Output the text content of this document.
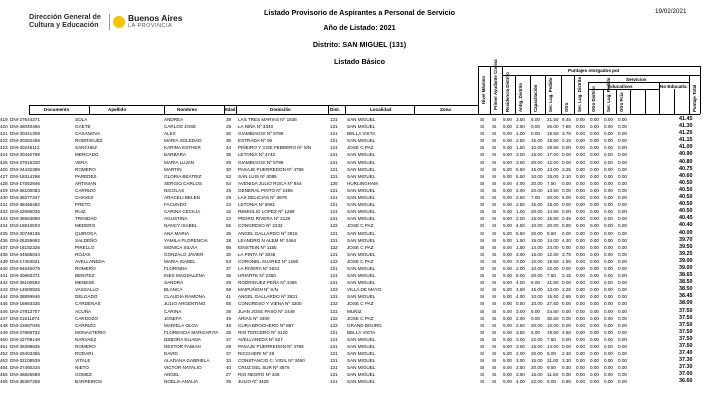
Dirección General de
Cultura y Educación
Buenos Aires
LA PROVINCIA
19/02/2021
Listado Provisorio de Aspirantes a Personal de Servicio
Año de Listado: 2021
Distrito: SAN MIGUEL (131)
Listado Básico
Documento	Apellido	Nombres	Edad	Domicilio	Dist.	Localidad	Zona
Puntajes otorgados por
Servicios
Educativos	No Educativ.
Nivel Máximo Primer Ayudante Cocina Residencia Distrito Antig. Distrito Capacitación Ser. Lug. Pedido	Otro Ser. Lug. Distrito Otro Distrito Ser. Lug. Pedido Otro Pcia	Puntaje Total
419 DNI-27644371	SOLA	ANDREA	39 LAS TRES MARIAS Nº 1636	131 SAN MIGUEL	SI SI 5.00 3.50 5.00 21.50 6.45 0.00 0.00 0.00 0.00	41.45
420 DNI-36040456	GAETE	CARLOS JOSE	25 LA NIÑA Nº 3340	131 SAN MIGUEL	SI SI 5.00 2.50 0.00 26.00 7.80 0.00 0.00 0.00 0.00	41.30
421 DNI-30441309	CASANOVA	ALEX	30 GIAMBIAGGI Nº 5789	131 BELLA VISTA	SI SI 5.00 1.00 0.00 19.50 3.75 0.00 0.00 0.00 0.00	41.25
422 DNI-30362458	RODRIGUEZ	MARIA SOLEDAD	35 ESTRADA Nº 06	131 SAN MIGUEL	SI SI 5.00 2.50 15.00 18.50 0.15 0.00 0.00 0.00 0.00	41.15
423 DNI-30245112	SANCHEZ	KARINA ESTHER	44 PIÑEIRO Y 3 DE FEBRERO Nº S/N	131 JOSE C PAZ	SI SI 5.00 1.50 10.00 28.50 0.00 0.00 0.00 0.00 0.00	41.00
424 DNI-30440758	MERCADO	BARBARA	35 LETONIA Nº 4742	131 SAN MIGUEL	SI SI 5.00 3.00 15.00 17.00 0.00 0.00 0.00 0.00 0.00	40.90
425 DNI-37915320	VERA	MARIA LUJAN	26 GIAMBIAGGI Nº 5789	131 SAN MIGUEL	SI SI 5.00 3.50 20.00 12.00 0.00 0.00 0.00 0.00 0.00	40.80
426 DNI-34432389	ROMERO	MARTIN	30 PASAJE PUERREDON Nº 4796	131 SAN MIGUEL	SI SI 5.00 5.50 15.00 13.00 2.25 0.00 0.00 0.00 0.00	40.75
427 DNI-18314298	PAREDES	GLORIA BEATRIZ	52 SAN LUIS Nº 3085	131 SAN MIGUEL	SI SI 5.00 5.50 10.00 18.00 2.10 0.00 0.00 0.00 0.00	40.60
428 DNI-17552846	ARTINIAN	SERGIO CARLOS	54 AVENIDA JULIO ROCA Nº 844	135 HURLINGHAM	SI SI 5.00 4.00 20.00 7.50 0.00 0.00 0.00 0.00 0.00	40.50
429 DNI-38100083	CARRIZO	NICOLAS	25 GENERAL PINTO Nº 2455	131 SAN MIGUEL	SI SI 5.00 2.00 20.00 13.50 0.00 0.00 0.00 0.00 0.00	40.50
430 DNI-36277347	CHAVEZ	ARACELI BELEN	29 LAS DELICIAS Nº 3679	131 SAN MIGUEL	SI SI 5.00 2.50 7.00 20.00 6.00 0.00 0.00 0.00 0.00	40.50
431 DNI-38465482	PRETO	FACUNDO	23 LETONIA Nº 6061	131 SAN MIGUEL	SI SI 5.00 2.50 15.00 18.00 0.00 0.00 0.00 0.00 0.00	40.50
432 DNI-32696035	RUIZ	CARINA CECILIA	32 REMIGLIO LOPEZ Nº 1268	131 SAN MIGUEL	SI SI 5.00 1.00 20.00 14.50 0.00 0.00 0.00 0.00 0.00	40.50
433 DNI-38663898	TRINIDAD	AGUSTINA	22 PEDRO RIVERA Nº 3126	131 SAN MIGUEL	SI SI 5.00 2.00 15.00 16.50 0.45 0.00 0.00 0.00 0.00	40.45
434 DNI-16810503	MEDERO	NANCY ISABEL	55 CONGRESO Nº 2232	132 JOSE C PAZ	SI SI 5.00 4.50 10.00 20.00 0.90 0.00 0.00 0.00 0.00	40.40
435 DNI-30749136	QUIROGA	ANA MARIA	35 ANGEL GALLARDO Nº 2915	131 SAN MIGUEL	SI SI 5.00 5.50 20.00 8.50 0.00 0.00 0.00 0.00 0.00	40.00
436 DNI-26259692	SALDEÑO	YAMILA FLORENCIA	28 LEANDRO N ALEM Nº 2464	131 SAN MIGUEL	SI SI 5.00 1.50 15.00 14.00 4.20 0.00 0.00 0.00 0.00	39.70
437 DNI-16182326	PIRELLO	MONICA SILVIA	56 EINSTEIN Nº 1155	132 JOSE C PAZ	SI SI 5.00 1.50 14.00 24.00 0.00 0.00 0.00 0.00 0.00	39.50
438 DNI-34586834	ROJAS	GONZALO JAVIER	30 LA PINTA Nº 3046	131 SAN MIGUEL	SI SI 5.00 3.00 15.00 12.50 3.75 0.00 0.00 0.00 0.00	39.25
439 DNI-17463821	AVELLANEDA	MARIA ISABEL	53 CORONEL SUAREZ Nº 1260	132 JOSE C PAZ	SI SI 5.00 3.00 10.00 19.50 1.50 0.00 0.00 0.00 0.00	39.00
440 DNI-94540079	ROMERO	FLORINDA	37 LA RIVERA Nº 2631	131 SAN MIGUEL	SI SI 5.00 2.00 10.00 22.00 0.00 0.00 0.00 0.00 0.00	39.00
441 DNI-30883371	BENITEZ	INES MAGDALENA	35 URIARTE Nº 2350	131 SAN MIGUEL	SI SI 5.00 8.00 20.00 7.50 0.15 0.00 0.00 0.00 0.00	38.65
442 DNI-36100592	MENESE	SANDRA	25 RODRIGUEZ PEÑA Nº 4365	131 SAN MIGUEL	SI SI 5.00 4.00 8.00 21.50 0.00 0.00 0.00 0.00 0.00	38.50
443 DNI-14900825	VASSALLO	BLANCA	59 MAIPUÑON Nº S/N	133 VILLA DE MAYO	SI SI 5.00 3.50 15.00 13.00 2.25 0.00 0.00 0.00 0.00	38.50
444 DNI-38859646	DELGADO	CLAUDIA RAMONA	41 ANGEL GALLARDO Nº 2821	131 SAN MIGUEL	SI SI 5.00 4.00 10.00 15.50 2.85 0.00 0.00 0.00 0.00	38.45
445 DNI-16893335	CARDENAS	JULIO ARGENTINO	55 CONGRESO Y VIENA Nº 3200	132 JOSE C PAZ	SI SI 0.00 0.50 10.00 27.50 0.00 0.00 0.00 0.00 0.00	38.00
446 DNI-27913707	ACUÑA	CARINA	39 JUAN JOSE PASO Nº 2449	131 MUÑIZ	SI SI 5.00 3.00 5.00 24.50 0.00 0.00 0.00 0.00 0.00	37.50
447 DNI-21611874	CARDOZO	JOSEFA	49 ARIAS Nº 3400	132 JOSE C PAZ	SI SI 5.00 2.00 0.00 30.50 0.00 0.00 0.00 0.00 0.00	37.50
448 DNI-22687045	CARRIZO	MARIELA OLGA	48 CURA BROCHERO Nº 887	132 GRAND BOURG	SI SI 5.00 2.50 20.00 10.00 0.00 0.00 0.00 0.00 0.00	37.50
449 DNI-37868732	MONASTERIO	FLORENCIA MARGARITA 26 RIO TERCERO Nº 3120	131 BELLA VISTA	SI SI 5.00 3.50 5.00 19.50 4.50 0.00 0.00 0.00 0.00	37.50
450 DNI-22709148	NARVAEZ	DEBORA ELIANA	37 AVELLANEDA Nº 527	131 SAN MIGUEL	SI SI 5.00 3.00 22.00 7.50 0.00 0.00 0.00 0.00 0.00	37.50
451 DNI-36398635	ROMERO	NESTOR FABIAN	28 PASAJE PUERREDON Nº 4796	131 SAN MIGUEL	SI SI 5.00 3.50 15.00 14.00 0.00 0.00 0.00 0.00 0.00	37.50
452 DNI-29403355	RODARI	DAVID	37 RICCHIERI Nº 29	131 SAN MIGUEL	SI SI 5.00 2.00 20.00 8.00 2.40 0.00 0.00 0.00 0.00	37.40
453 DNI-32108539	VITALE	ALADANA GABRIELA	33 CONSTANCIO C. VIGIL Nº 3460	131 SAN MIGUEL	SI SI 5.00 3.00 15.00 11.00 3.30 0.00 0.00 0.00 0.00	37.30
454 DNI-27460316	NIETO	VICTOR NATALIO	40 CRUZ DEL SUR Nº 3876	131 SAN MIGUEL	SI SI 5.00 2.50 20.00 9.50 0.30 0.00 0.00 0.00 0.00	37.30
455 DNI-36825589	GOMEZ	ANGEL	27 RIO NEGRO Nº 345	131 SAN MIGUEL	SI SI 5.00 3.50 15.00 11.50 0.00 0.00 0.00 0.00 0.00	37.00
456 DNI-35387208	BARREIROS	NOELIA ANALIA	35 JULIO Nº 3425	131 SAN MIGUEL	SI SI 5.00 4.00 22.00 5.00 0.60 0.00 0.00 0.00 0.00	36.60
